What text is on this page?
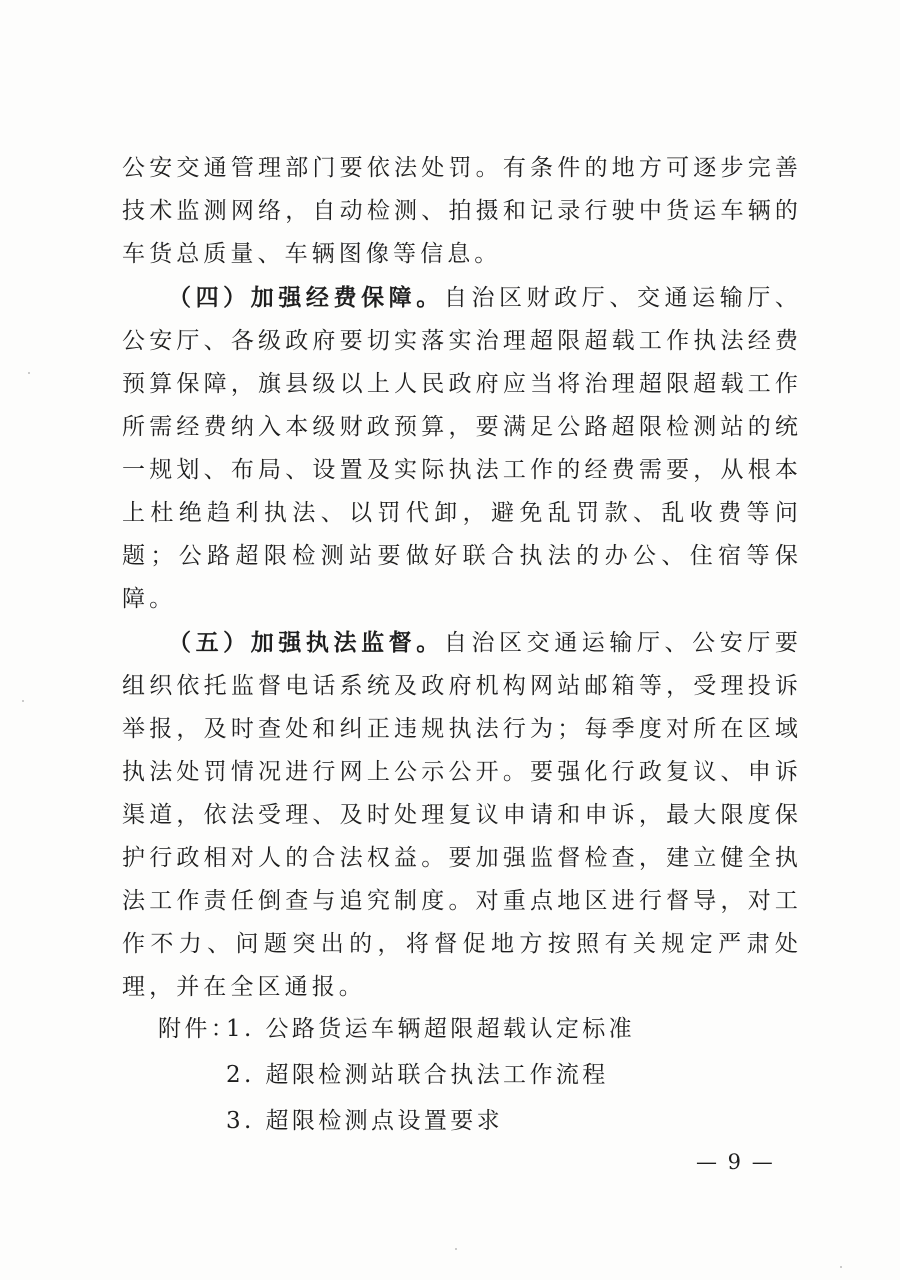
公安交通管理部门要依法处罚。有条件的地方可逐步完善技术监测网络，自动检测、拍摄和记录行驶中货运车辆的车货总质量、车辆图像等信息。

（四）加强经费保障。自治区财政厅、交通运输厅、公安厅、各级政府要切实落实治理超限超载工作执法经费预算保障，旗县级以上人民政府应当将治理超限超载工作所需经费纳入本级财政预算，要满足公路超限检测站的统一规划、布局、设置及实际执法工作的经费需要，从根本上杜绝趋利执法、以罚代卸，避免乱罚款、乱收费等问题；公路超限检测站要做好联合执法的办公、住宿等保障。

（五）加强执法监督。自治区交通运输厅、公安厅要组织依托监督电话系统及政府机构网站邮箱等，受理投诉举报，及时查处和纠正违规执法行为；每季度对所在区域执法处罚情况进行网上公示公开。要强化行政复议、申诉渠道，依法受理、及时处理复议申请和申诉，最大限度保护行政相对人的合法权益。要加强监督检查，建立健全执法工作责任倒查与追究制度。对重点地区进行督导，对工作不力、问题突出的，将督促地方按照有关规定严肃处理，并在全区通报。

附件：
1. 公路货运车辆超限超载认定标准
2. 超限检测站联合执法工作流程
3. 超限检测点设置要求
— 9 —
